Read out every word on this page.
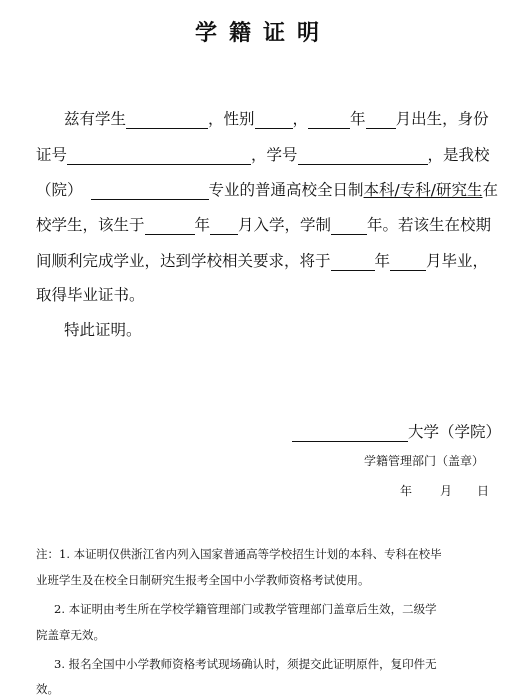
学籍证明
兹有学生	，性别 ，	年 月出生，身份
证号	，学号	，是我校
（院）	专业的普通高校全日制本科/专科/研究生在
校学生，该生于	年 月入学，学制 年。若该生在校期
间顺利完成学业，达到学校相关要求，将于	年 月毕业，
取得毕业证书。
特此证明。
大学（学院）
学籍管理部门（盖章）
年 月 日
注：1. 本证明仅供浙江省内列入国家普通高等学校招生计划的本科、专科在校毕
业班学生及在校全日制研究生报考全国中小学教师资格考试使用。
2. 本证明由考生所在学校学籍管理部门或教学管理部门盖章后生效，二级学
院盖章无效。
3. 报名全国中小学教师资格考试现场确认时，须提交此证明原件，复印件无
效。
